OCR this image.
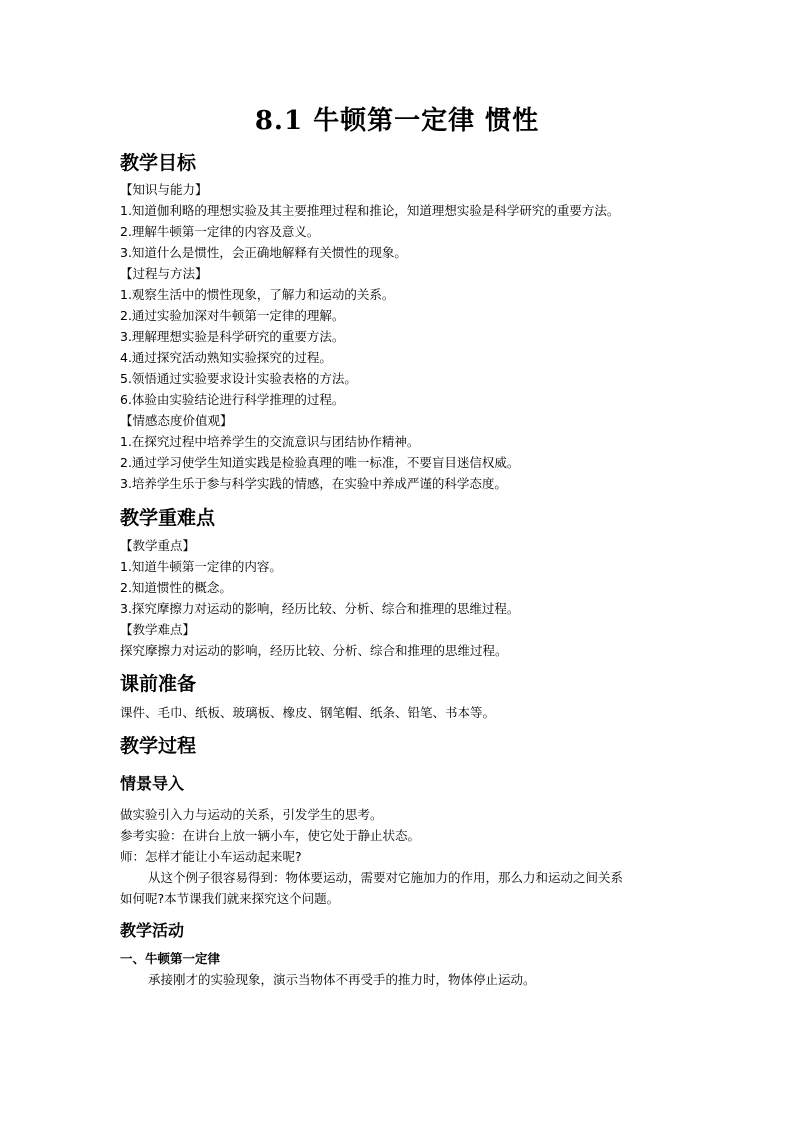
8.1 牛顿第一定律 惯性
教学目标
【知识与能力】
1.知道伽利略的理想实验及其主要推理过程和推论，知道理想实验是科学研究的重要方法。
2.理解牛顿第一定律的内容及意义。
3.知道什么是惯性，会正确地解释有关惯性的现象。
【过程与方法】
1.观察生活中的惯性现象，了解力和运动的关系。
2.通过实验加深对牛顿第一定律的理解。
3.理解理想实验是科学研究的重要方法。
4.通过探究活动熟知实验探究的过程。
5.领悟通过实验要求设计实验表格的方法。
6.体验由实验结论进行科学推理的过程。
【情感态度价值观】
1.在探究过程中培养学生的交流意识与团结协作精神。
2.通过学习使学生知道实践是检验真理的唯一标准，不要盲目迷信权威。
3.培养学生乐于参与科学实践的情感，在实验中养成严谨的科学态度。
教学重难点
【教学重点】
1.知道牛顿第一定律的内容。
2.知道惯性的概念。
3.探究摩擦力对运动的影响，经历比较、分析、综合和推理的思维过程。
【教学难点】
探究摩擦力对运动的影响，经历比较、分析、综合和推理的思维过程。
课前准备
课件、毛巾、纸板、玻璃板、橡皮、钢笔帽、纸条、铅笔、书本等。
教学过程
情景导入
做实验引入力与运动的关系，引发学生的思考。
参考实验：在讲台上放一辆小车，使它处于静止状态。
师：怎样才能让小车运动起来呢?
从这个例子很容易得到：物体要运动，需要对它施加力的作用，那么力和运动之间关系
如何呢?本节课我们就来探究这个问题。
教学活动
一、牛顿第一定律
承接刚才的实验现象，演示当物体不再受手的推力时，物体停止运动。
